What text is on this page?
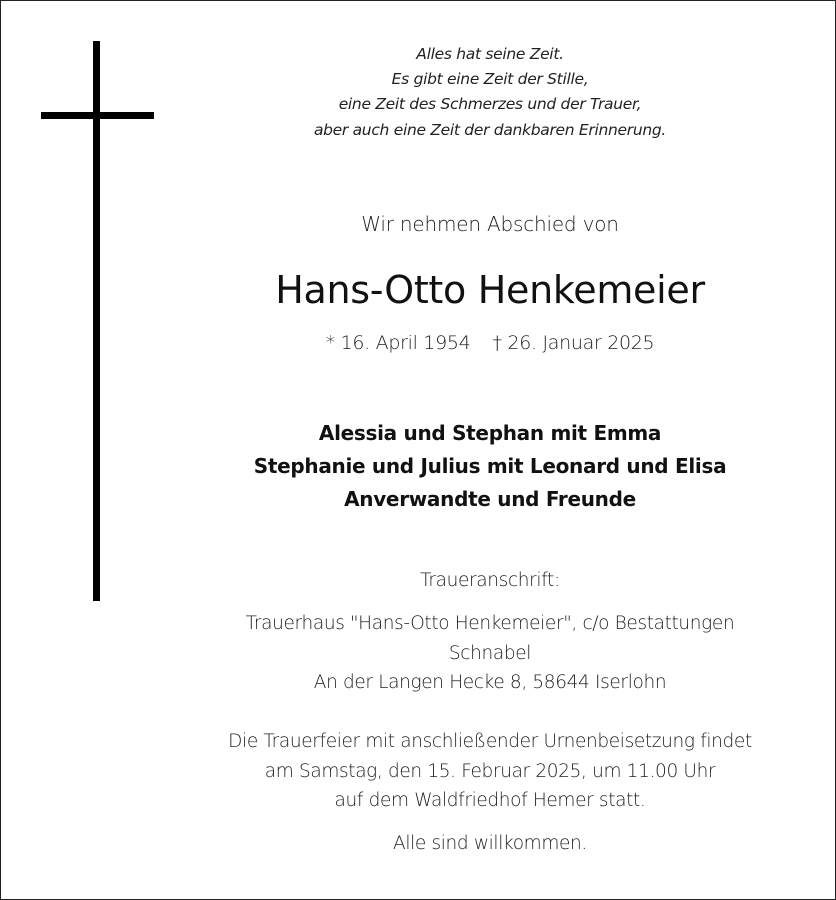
Alles hat seine Zeit.
Es gibt eine Zeit der Stille,
eine Zeit des Schmerzes und der Trauer,
aber auch eine Zeit der dankbaren Erinnerung.
Wir nehmen Abschied von
Hans-Otto Henkemeier
* 16. April 1954 † 26. Januar 2025
Alessia und Stephan mit Emma
Stephanie und Julius mit Leonard und Elisa
Anverwandte und Freunde
Traueranschrift:
Trauerhaus "Hans-Otto Henkemeier", c/o Bestattungen
Schnabel
An der Langen Hecke 8, 58644 Iserlohn
Die Trauerfeier mit anschließender Urnenbeisetzung findet
am Samstag, den 15. Februar 2025, um 11.00 Uhr
auf dem Waldfriedhof Hemer statt.
Alle sind willkommen.
